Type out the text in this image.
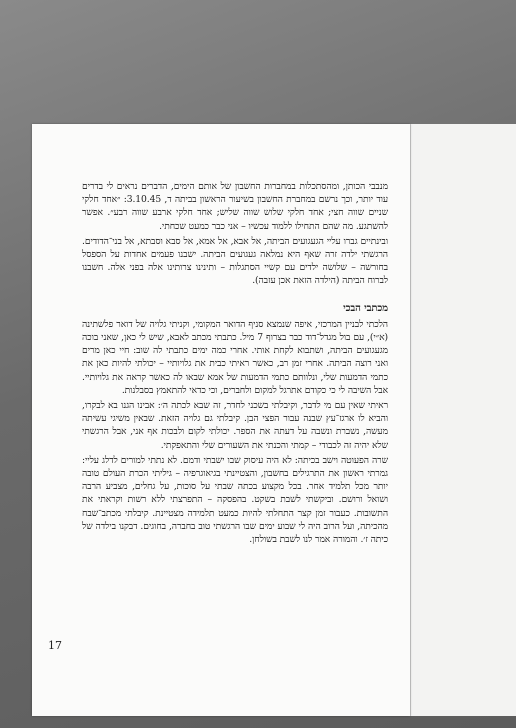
מנבבי הכותן, ומהסתכלות במחברות החשבון של אותם הימים, הדברים נראים לי בדרים עוד יותר, וכך נרשם במחברת החשבון בשיעור הראשון בביתה ד, 3.10.45: ״אחד חלקי שניים שווה חצי; אחד חלקי שלוש שווה שליש; אחד חלקי ארבע שווה רבע״. אפשר להשתגע. מה שהם התחילו ללמוד עכשיו – אני כבר כמעט שכחתי.

ובינתיים גברו עליי הגעגועים הביתה, אל אבא, אל אמא, אל סבא וסבתא, אל בני־הדודים. הרגשתי ילדה זרה שאף היא נמלאה געגועים הביתה. ישבנו פעמים אחדות על הספסל בחורשה – שלושה ילדים עם קשיי הסתגלות – ותינינו צרותינו אלה בפני אלה. חשבנו לברוח הביתה (הילדה הזאת אכן עזבה).

מכתבי הבכי

הלכתי לבניין המרכזי, איפה שנמצא סניף הדואר המקומי, וקניתי גלויה של דואר פלשתינה (א״י), עם בול מגדל־דוד כבר בצרוף 7 מיל. כתבתי מכתב לאבא, שיש לי כאן, שאני בוכה מגעגועים הביתה, ושתבוא לקחת אותי. אחרי כמה ימים כתבתי לה שוב: חיי כאן מרים ואני רוצה הביתה. אחרי זמן רב, כאשר ראיתי כבית את גלויותיי – יכולתי להיות כאן את כתמי הדמעות שלי, ונלוותם כתמי הדמעות של אמא שבאו לה כאשר קראה את גלויותיי. אבל השיבה לי כי כקודם אתרגל למקום ולחברים, וכי כדאי להתאמץ בסבלנות.

ראיתי שאין עם מי לדבר, וקיבלתי בשכני לחדר, זה שבא לכתה ה׳: אבינו הגנו בא לבקרו, והביא לו ארגז־עץ שבנה עבור הפצי הבן. קיבלתי גם גלויה הזאת. שבאין משיגי עשיתה מעשה, נשברת ונשבה על דעתה את הספר. יכולתי לקום ולבכות אף אני, אבל הרגשתי שלא יהיה זה לכבודי – קמתי והכנתי את השעורים שלי והתאפקתי.

שרה הפעוטה וישב בכיתה: לא היה עיסוק שבו ישבתי ודמם. לא נתתי למורים לדלג עליי: גמרתי ראשון את התרגילים בחשבון, והצטיינתי בגיאוגרפיה – גיליתי הכרת העולם טובה יותר מכל תלמיד אחר. בכל מקצוע בכתה שבתי על סוכות, על גחלים, מצביע הרבה ושואל ורושם. וביקשתי לשבת בשקט. בהפסקה – התפרצתי ללא רשות וקראתי את התשובות. כעבור זמן קצר התחלתי להיות כמעט תלמידה מצטיינת. קיבלתי מכתב־שבח מהכיתה, ועל הרוב היה לי שבוע ימים שבו הרגשתי טוב בחברה, בחוגים. דבקנו בילדה של כיתה ז׳. והמורה אמר לנו לשבת בשולחן.

17
